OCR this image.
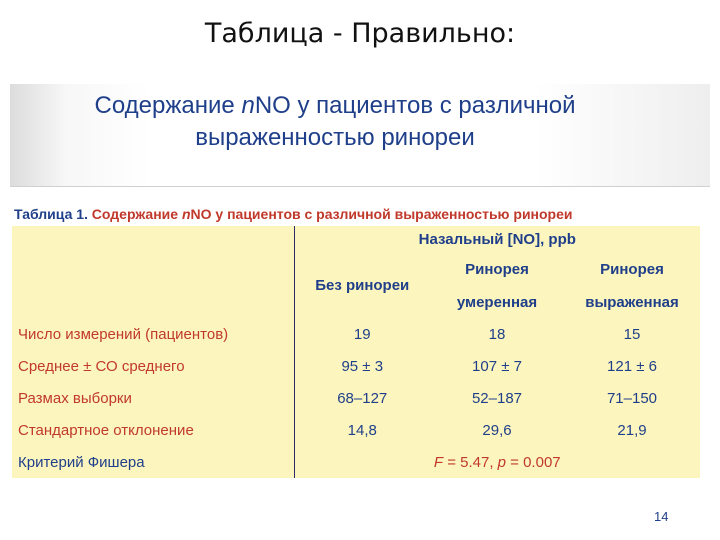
Таблица - Правильно:
Содержание nNO у пациентов с различной
выраженностью ринореи
Таблица 1. Содержание nNO у пациентов с различной выраженностью ринореи
	Назальный [NO], ppb		
	Без ринореи	Ринорея	Ринорея
		умеренная	выраженная
Число измерений (пациентов)	19	18	15
Среднее ± СО среднего	95 ± 3	107 ± 7	121 ± 6
Размах выборки	68–127	52–187	71–150
Стандартное отклонение	14,8	29,6	21,9
Критерий Фишера	F = 5.47, p = 0.007		
14
